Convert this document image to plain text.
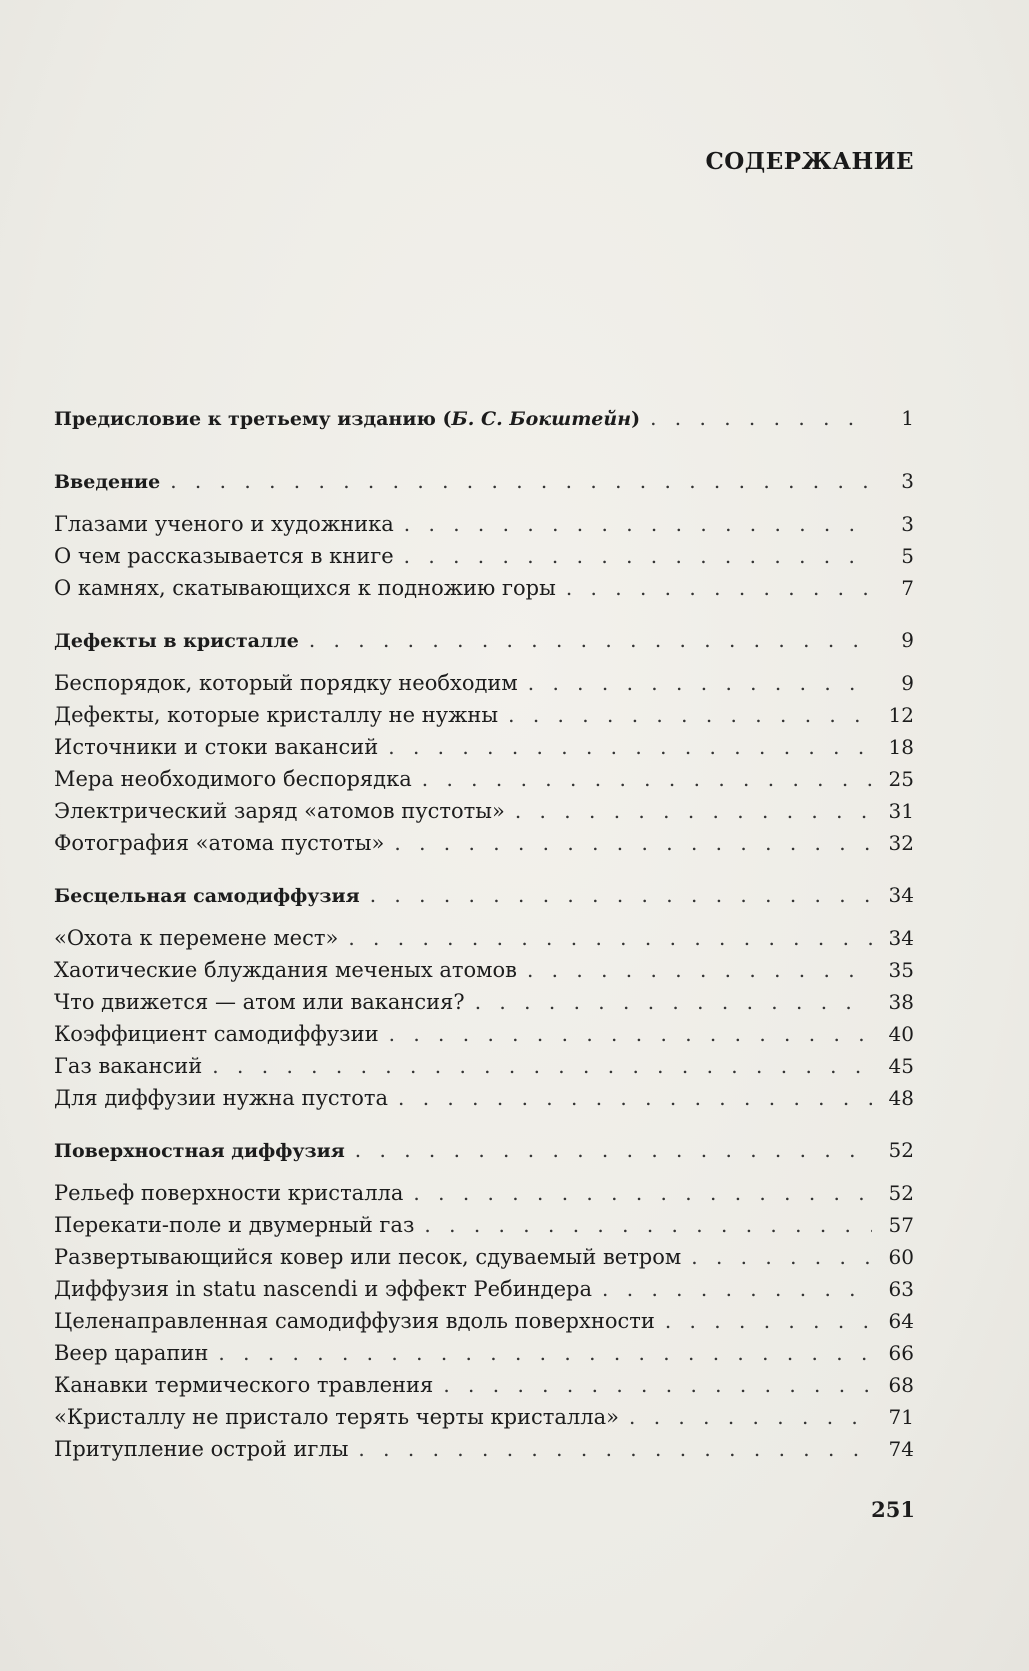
СОДЕРЖАНИЕ
Предисловие к третьему изданию (Б. С. Бокштейн) . . .	1
Введение . . .	3
Глазами ученого и художника . . .	3
О чем рассказывается в книге . . .	5
О камнях, скатывающихся к подножию горы . . .	7
Дефекты в кристалле . . .	9
Беспорядок, который порядку необходим . . .	9
Дефекты, которые кристаллу не нужны . . .	12
Источники и стоки вакансий . . .	18
Мера необходимого беспорядка . . .	25
Электрический заряд «атомов пустоты» . . .	31
Фотография «атома пустоты» . . .	32
Бесцельная самодиффузия . . .	34
«Охота к перемене мест» . . .	34
Хаотические блуждания меченых атомов . . .	35
Что движется — атом или вакансия? . . .	38
Коэффициент самодиффузии . . .	40
Газ вакансий . . .	45
Для диффузии нужна пустота . . .	48
Поверхностная диффузия . . .	52
Рельеф поверхности кристалла . . .	52
Перекати-поле и двумерный газ . . .	57
Развертывающийся ковер или песок, сдуваемый ветром . . .	60
Диффузия in statu nascendi и эффект Ребиндера . . .	63
Целенаправленная самодиффузия вдоль поверхности . . .	64
Веер царапин . . .	66
Канавки термического травления . . .	68
«Кристаллу не пристало терять черты кристалла» . . .	71
Притупление острой иглы . . .	74
251
